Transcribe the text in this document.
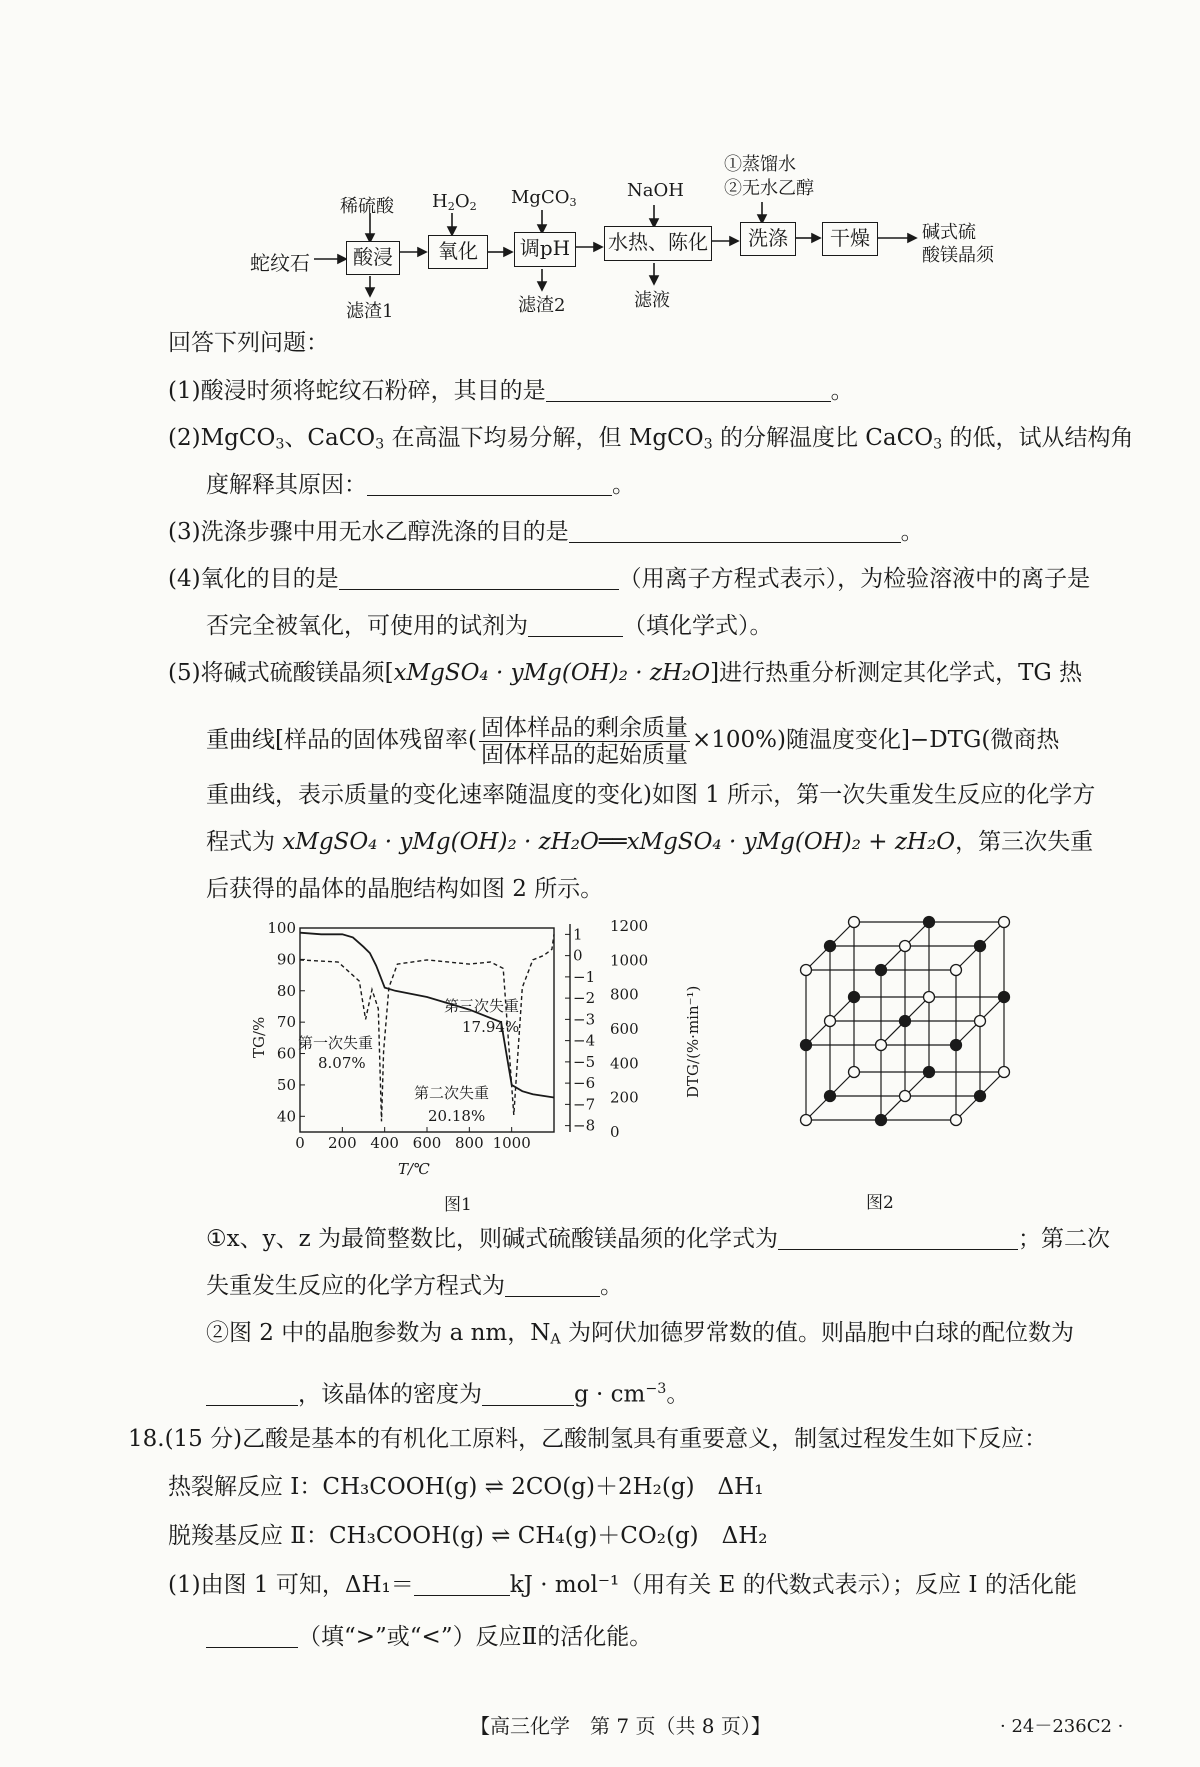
蛇纹石	酸浸	氧化	调pH 水热、陈化	洗涤	干燥
稀硫酸 $H_2O_2$ MgCO$_3$
NaOH
①蒸馏水
②无水乙醇
滤渣1	滤渣2	滤液
碱式硫
酸镁晶须
回答下列问题：
(1)酸浸时须将蛇纹石粉碎，其目的是	。
(2)MgCO$_3$、CaCO$_3$ 在高温下均易分解，但 MgCO$_3$ 的分解温度比 CaCO$_3$ 的低，试从结构角
度解释其原因：	。
(3)洗涤步骤中用无水乙醇洗涤的目的是	。
(4)氧化的目的是	（用离子方程式表示），为检验溶液中的离子是
否完全被氧化，可使用的试剂为	（填化学式）。
(5)将碱式硫酸镁晶须[xMgSO₄ · yMg(OH)₂ · zH₂O]进行热重分析测定其化学式，TG 热
重曲线[样品的固体残留率( $\frac{\text{固体样品的剩余质量}}{\text{固体样品的起始质量}} \times 100\%$)随温度变化]−DTG(微商热
重曲线，表示质量的变化速率随温度的变化)如图 1 所示，第一次失重发生反应的化学方
程式为 xMgSO₄ · yMg(OH)₂ · zH₂O══xMgSO₄ · yMg(OH)₂ + zH₂O，第三次失重
后获得的晶体的晶胞结构如图 2 所示。
0 200 400 600 800 1000
100
90
80
70
60
50
40
1
0
−1
−2
−3
−4
−5
−6
−7
−8
1200
1000
800
600
400
200
0
第一次失重
8.07%
第二次失重
20.18%
第三次失重
17.94%
TG/%	DTG/(%·min⁻¹)
T/℃
图1	图2
①x、y、z 为最简整数比，则碱式硫酸镁晶须的化学式为	；第二次
失重发生反应的化学方程式为	。
②图 2 中的晶胞参数为 a nm，$N_A$ 为阿伏加德罗常数的值。则晶胞中白球的配位数为
，该晶体的密度为	$g \cdot cm^{-3}$。
18.(15 分)乙酸是基本的有机化工原料，乙酸制氢具有重要意义，制氢过程发生如下反应：
热裂解反应 Ⅰ：CH₃COOH(g) ⇌ 2CO(g)＋2H₂(g)　ΔH₁
脱羧基反应 Ⅱ：CH₃COOH(g) ⇌ CH₄(g)＋CO₂(g)　ΔH₂
(1)由图 1 可知，ΔH₁＝	kJ · mol⁻¹（用有关 E 的代数式表示）；反应 Ⅰ 的活化能
（填“>”或“<”）反应Ⅱ的活化能。
【高三化学　第 7 页（共 8 页）】	· 24－236C2 ·
